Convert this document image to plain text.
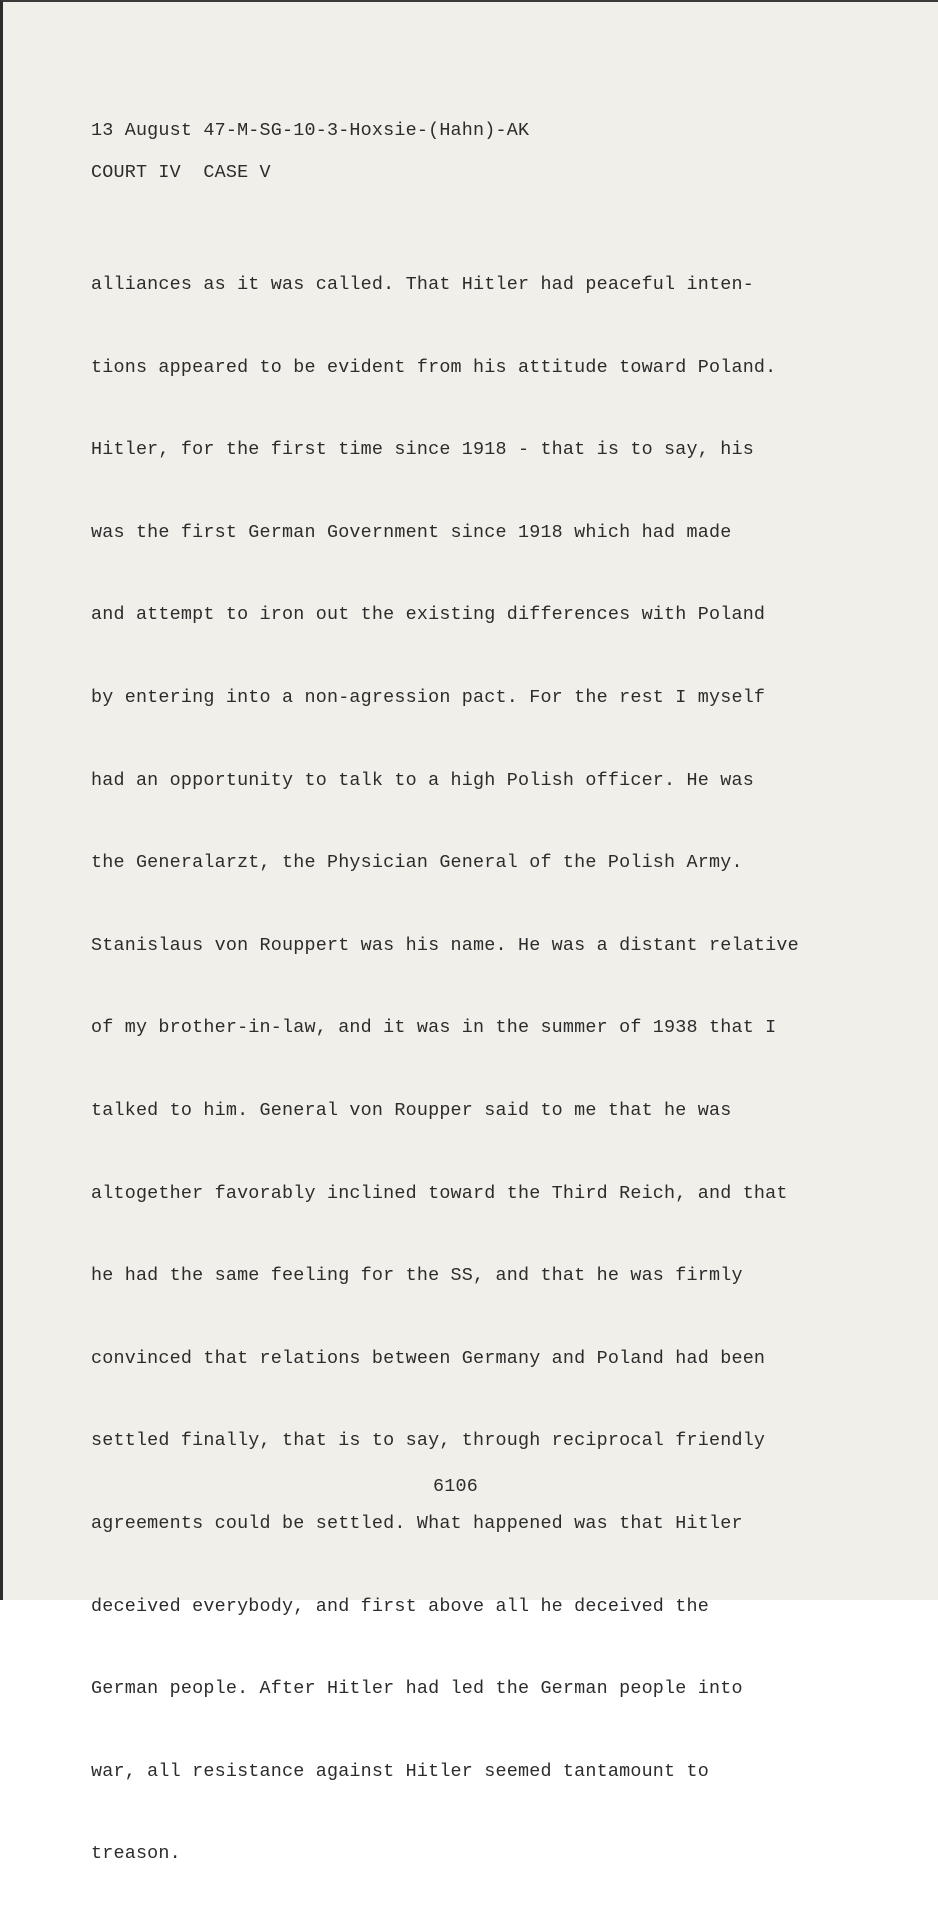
13 August 47-M-SG-10-3-Hoxsie-(Hahn)-AK
COURT IV  CASE V

alliances as it was called. That Hitler had peaceful inten-

tions appeared to be evident from his attitude toward Poland.

Hitler, for the first time since 1918 - that is to say, his

was the first German Government since 1918 which had made

and attempt to iron out the existing differences with Poland

by entering into a non-agression pact. For the rest I myself

had an opportunity to talk to a high Polish officer. He was

the Generalarzt, the Physician General of the Polish Army.

Stanislaus von Rouppert was his name. He was a distant relative

of my brother-in-law, and it was in the summer of 1938 that I

talked to him. General von Roupper said to me that he was

altogether favorably inclined toward the Third Reich, and that

he had the same feeling for the SS, and that he was firmly

convinced that relations between Germany and Poland had been

settled finally, that is to say, through reciprocal friendly

agreements could be settled. What happened was that Hitler

deceived everybody, and first above all he deceived the

German people. After Hitler had led the German people into

war, all resistance against Hitler seemed tantamount to

treason.

6106
